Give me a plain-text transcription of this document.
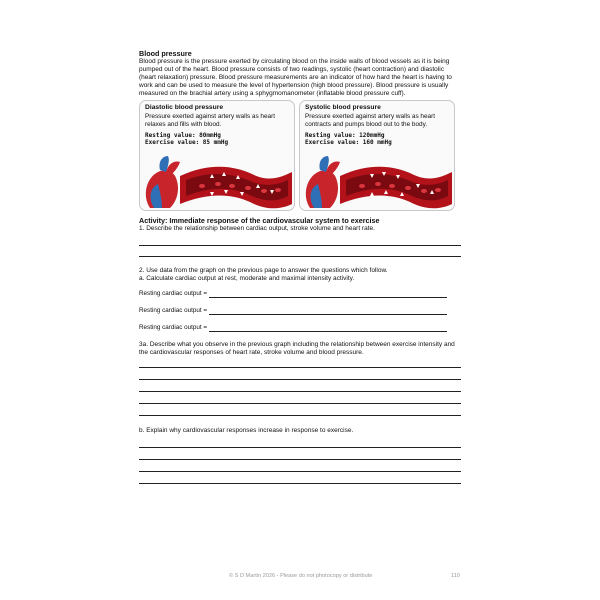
Blood pressure
Blood pressure is the pressure exerted by circulating blood on the inside walls of blood vessels as it is being pumped out of the heart. Blood pressure consists of two readings, systolic (heart contraction) and diastolic (heart relaxation) pressure. Blood pressure measurements are an indicator of how hard the heart is having to work and can be used to measure the level of hypertension (high blood pressure). Blood pressure is usually measured on the brachial artery using a sphygmomanometer (inflatable blood pressure cuff).
Diastolic blood pressure
Pressure exerted against artery walls as heart relaxes and fills with blood.
Resting value: 80mmHg
Exercise value: 85 mmHg
Systolic blood pressure
Pressure exerted against artery walls as heart contracts and pumps blood out to the body.
Resting value: 120mmHg
Exercise value: 160 mmHg
Activity: Immediate response of the cardiovascular system to exercise
1. Describe the relationship between cardiac output, stroke volume and heart rate.
2. Use data from the graph on the previous page to answer the questions which follow.
a. Calculate cardiac output at rest, moderate and maximal intensity activity.
Resting cardiac output =
Resting cardiac output =
Resting cardiac output =
3a. Describe what you observe in the previous graph including the relationship between exercise intensity and the cardiovascular responses of heart rate, stroke volume and blood pressure.
b. Explain why cardiovascular responses increase in response to exercise.
© S D Martin 2026 - Please do not photocopy or distribute	110
